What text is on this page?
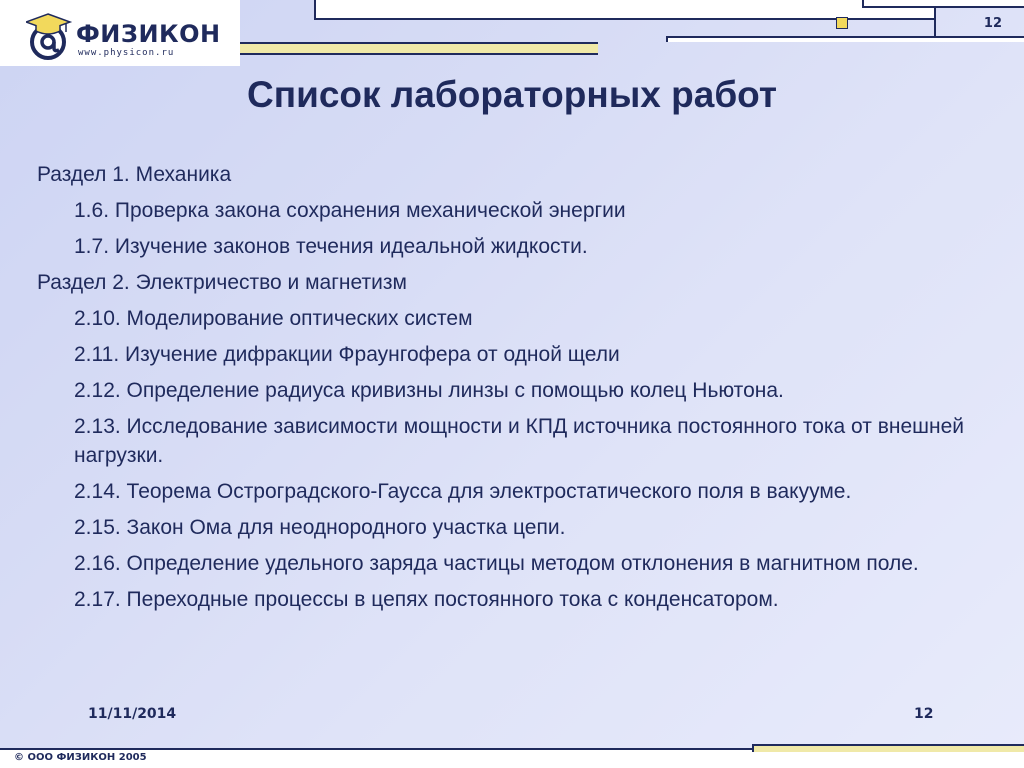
12
ФИЗИКОН
www.physicon.ru
Список лабораторных работ
Раздел 1. Механика
1.6. Проверка закона сохранения механической энергии
1.7. Изучение законов течения идеальной жидкости.
Раздел 2. Электричество и магнетизм
2.10. Моделирование оптических систем
2.11. Изучение дифракции Фраунгофера от одной щели
2.12. Определение радиуса кривизны линзы с помощью колец Ньютона.
2.13. Исследование зависимости мощности и КПД источника постоянного тока от внешней нагрузки.
2.14. Теорема Остроградского-Гаусса для электростатического поля в вакууме.
2.15. Закон Ома для неоднородного участка цепи.
2.16. Определение удельного заряда частицы методом отклонения в магнитном поле.
2.17. Переходные процессы в цепях постоянного тока с конденсатором.
11/11/2014	12
© ООО ФИЗИКОН 2005
